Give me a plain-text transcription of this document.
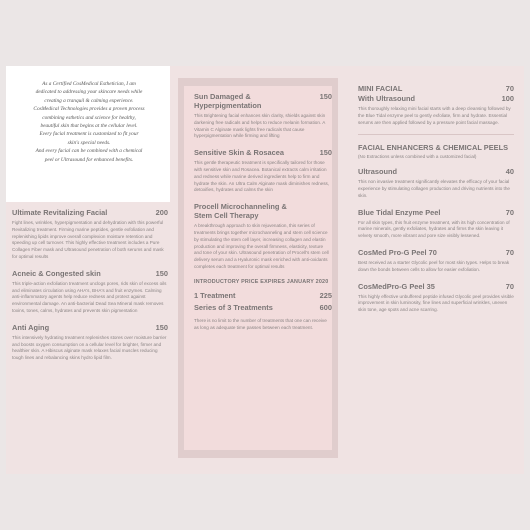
As a Certified CosMedical Esthetician, I am

dedicated to addressing your skincare needs while

creating a tranquil & calming experience.

CosMedical Technologies provides a proven process

combining esthetics and science for healthy,

beautiful skin that begins at the cellular level.

Every facial treatment is customized to fit your

skin's special needs.

And every facial can be combined with a chemical

peel or Ultrasound for enhanced benefits.

Ultimate Revitalizing Facial	200

Fight lines, wrinkles, hyperpigmentation and dehydration with this powerful Revitalizing treatment. Firming marine peptides, gentle exfoliation and replenishing lipids improve overall complexion moisture retention and speeding up cell turnover. This highly effective treatment includes a Pure Collagen Fiber mask and Ultrasound penetration of both serums and mask for optimal results

Acneic & Congested skin	150

This triple-action exfoliation treatment unclogs pores, rids skin of excess oils and eliminates circulation using AHA's, BHA's and fruit enzymes. Calming anti-inflammatory agents help reduce redness and protect against environmental damage. An anti-bacterial Dead Sea Mineral mask removes toxins, tones, calms, hydrates and prevents skin pigmentation

Anti Aging	150

This intensively hydrating treatment replenishes stores over moisture barrier and boosts oxygen consumption on a cellular level for brighter, firmer and healthier skin. A Hibiscus alginate mask relaxes facial muscles reducing tough lines and rebalancing skins hydro lipid film.

Sun Damaged & Hyperpigmentation
150

This Brightening facial enhances skin clarity, shields against skin darkening free radicals and helps to reduce melanin formation. A Vitamin C Alginate mask lights free radicals that cause hyperpigmentation while firming and lifting

Sensitive Skin & Rosacea	150

This gentle therapeutic treatment is specifically tailored for those with sensitive skin and Rosacea. Botanical extracts calm irritation and redness while marine derived ingredients help to firm and hydrate the skin. An Ultra Calm Alginate mask diminishes redness, detoxifies, hydrates and calms the skin

Procell Microchanneling & Stem Cell Therapy

A breakthrough approach to skin rejuvenation, this series of treatments brings together microchanneling and stem cell science by stimulating the stem cell layer, increasing collagen and elastin production and improving the overall firmness, elasticity, texture and tone of your skin. Ultrasound penetration of Procell's stem cell delivery serum and a Hyaluronic mask enriched with anti-oxidants completes each treatment for optimal results

INTRODUCTORY PRICE EXPIRES JANUARY 2020
1 Treatment	225
Series of 3 Treatments	600

There is no limit to the number of treatments that one can receive as long as adequate time passes between each treatment.

MINI FACIAL	70
With Ultrasound	100

This thoroughly relaxing mini facial starts with a deep cleansing followed by the Blue Tidal enzyme peel to gently exfoliate, firm and hydrate. Essential serums are then applied followed by a pressure point facial massage.

FACIAL ENHANCERS & CHEMICAL PEELS

(No Extractions unless combined with a customized facial)

Ultrasound	40

This non invasive treatment significantly elevates the efficacy of your facial experience by stimulating collagen production and driving nutrients into the skin.

Blue Tidal Enzyme Peel	70

For all skin types, this fruit enzyme treatment, with its high concentration of marine minerals, gently exfoliates, hydrates and firms the skin leaving it velvety smooth, more vibrant and pore size visibly lessened.

CosMed Pro-G Peel 70	70

Best received as a starter Glycolic peel for most skin types. Helps to break down the bonds between cells to allow for easier exfoliation.

CosMedPro-G Peel 35	70

This highly effective unbuffered peptide infused Glycolic peel provides visible improvement in skin luminosity, fine lines and superficial wrinkles, uneven skin tone, age spots and acne scarring.
